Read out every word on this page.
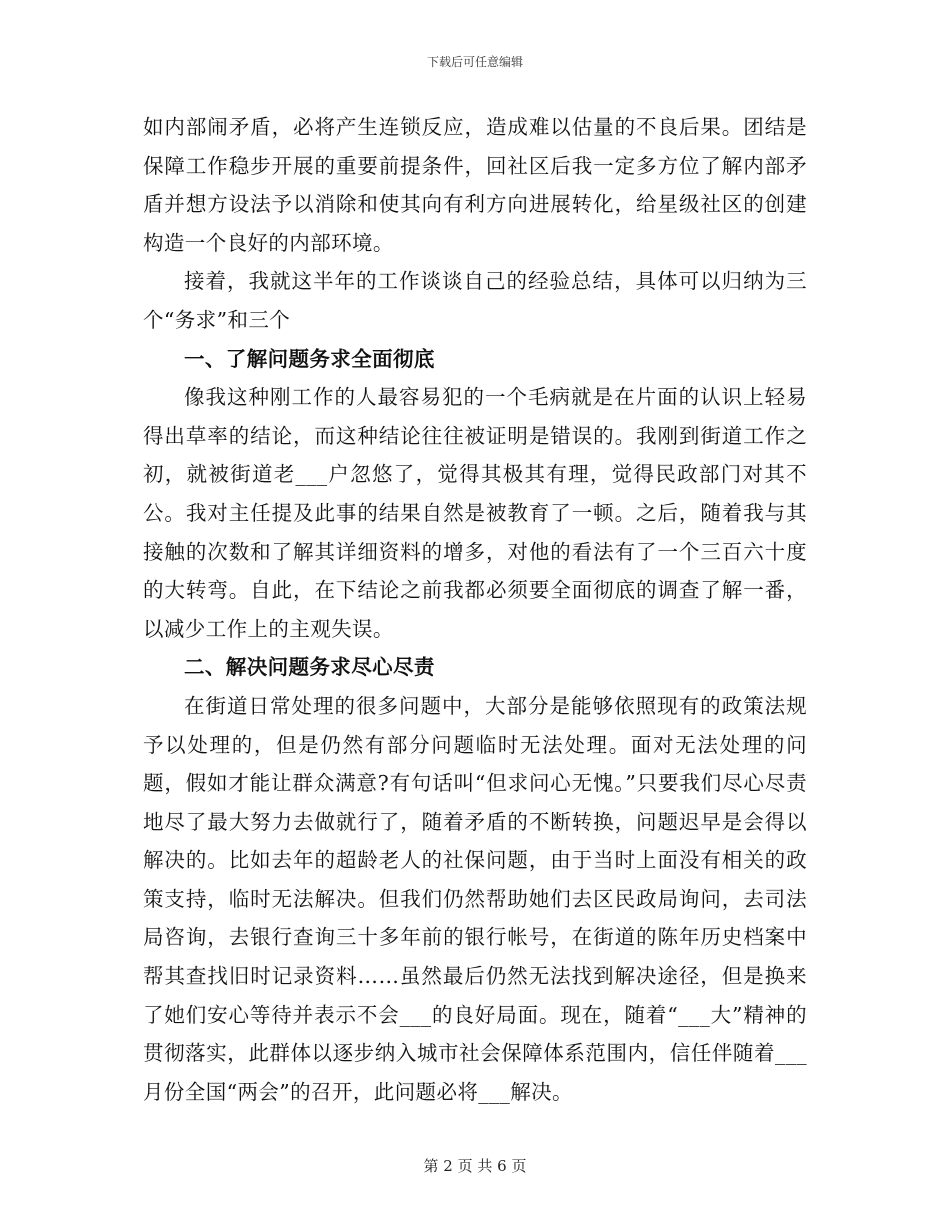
下载后可任意编辑

如内部闹矛盾，必将产生连锁反应，造成难以估量的不良后果。团结是保障工作稳步开展的重要前提条件，回社区后我一定多方位了解内部矛盾并想方设法予以消除和使其向有利方向进展转化，给星级社区的创建构造一个良好的内部环境。

接着，我就这半年的工作谈谈自己的经验总结，具体可以归纳为三个“务求”和三个

一、了解问题务求全面彻底

像我这种刚工作的人最容易犯的一个毛病就是在片面的认识上轻易得出草率的结论，而这种结论往往被证明是错误的。我刚到街道工作之初，就被街道老___户忽悠了，觉得其极其有理，觉得民政部门对其不公。我对主任提及此事的结果自然是被教育了一顿。之后，随着我与其接触的次数和了解其详细资料的增多，对他的看法有了一个三百六十度的大转弯。自此，在下结论之前我都必须要全面彻底的调查了解一番，以减少工作上的主观失误。

二、解决问题务求尽心尽责

在街道日常处理的很多问题中，大部分是能够依照现有的政策法规予以处理的，但是仍然有部分问题临时无法处理。面对无法处理的问题，假如才能让群众满意?有句话叫“但求问心无愧。”只要我们尽心尽责地尽了最大努力去做就行了，随着矛盾的不断转换，问题迟早是会得以解决的。比如去年的超龄老人的社保问题，由于当时上面没有相关的政策支持，临时无法解决。但我们仍然帮助她们去区民政局询问，去司法局咨询，去银行查询三十多年前的银行帐号，在街道的陈年历史档案中帮其查找旧时记录资料……虽然最后仍然无法找到解决途径，但是换来了她们安心等待并表示不会___的良好局面。现在，随着“___大”精神的贯彻落实，此群体以逐步纳入城市社会保障体系范围内，信任伴随着___月份全国“两会”的召开，此问题必将___解决。

第 2 页 共 6 页
